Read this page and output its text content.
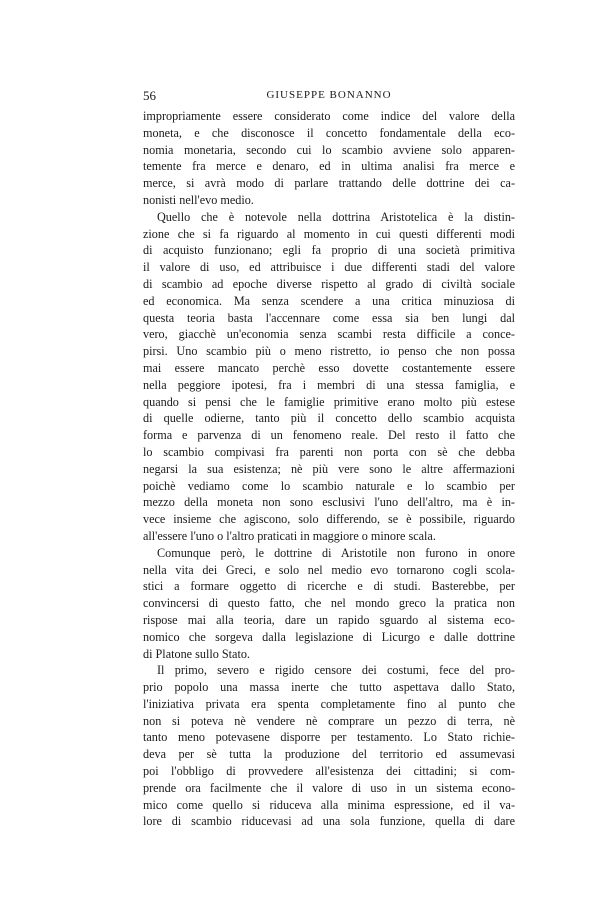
56	GIUSEPPE BONANNO
impropriamente essere considerato come indice del valore della
moneta, e che disconosce il concetto fondamentale della eco-
nomia monetaria, secondo cui lo scambio avviene solo apparen-
temente fra merce e denaro, ed in ultima analisi fra merce e
merce, si avrà modo di parlare trattando delle dottrine dei ca-
nonisti nell'evo medio.
Quello che è notevole nella dottrina Aristotelica è la distin-
zione che si fa riguardo al momento in cui questi differenti modi
di acquisto funzionano; egli fa proprio di una società primitiva
il valore di uso, ed attribuisce i due differenti stadi del valore
di scambio ad epoche diverse rispetto al grado di civiltà sociale
ed economica. Ma senza scendere a una critica minuziosa di
questa teoria basta l'accennare come essa sia ben lungi dal
vero, giacchè un'economia senza scambi resta difficile a conce-
pirsi. Uno scambio più o meno ristretto, io penso che non possa
mai essere mancato perchè esso dovette costantemente essere
nella peggiore ipotesi, fra i membri di una stessa famiglia, e
quando si pensi che le famiglie primitive erano molto più estese
di quelle odierne, tanto più il concetto dello scambio acquista
forma e parvenza di un fenomeno reale. Del resto il fatto che
lo scambio compivasi fra parenti non porta con sè che debba
negarsi la sua esistenza; nè più vere sono le altre affermazioni
poichè vediamo come lo scambio naturale e lo scambio per
mezzo della moneta non sono esclusivi l'uno dell'altro, ma è in-
vece insieme che agiscono, solo differendo, se è possibile, riguardo
all'essere l'uno o l'altro praticati in maggiore o minore scala.
Comunque però, le dottrine di Aristotile non furono in onore
nella vita dei Greci, e solo nel medio evo tornarono cogli scola-
stici a formare oggetto di ricerche e di studi. Basterebbe, per
convincersi di questo fatto, che nel mondo greco la pratica non
rispose mai alla teoria, dare un rapido sguardo al sistema eco-
nomico che sorgeva dalla legislazione di Licurgo e dalle dottrine
di Platone sullo Stato.
Il primo, severo e rigido censore dei costumi, fece del pro-
prio popolo una massa inerte che tutto aspettava dallo Stato,
l'iniziativa privata era spenta completamente fino al punto che
non si poteva nè vendere nè comprare un pezzo di terra, nè
tanto meno potevasene disporre per testamento. Lo Stato richie-
deva per sè tutta la produzione del territorio ed assumevasi
poi l'obbligo di provvedere all'esistenza dei cittadini; si com-
prende ora facilmente che il valore di uso in un sistema econo-
mico come quello si riduceva alla minima espressione, ed il va-
lore di scambio riducevasi ad una sola funzione, quella di dare
